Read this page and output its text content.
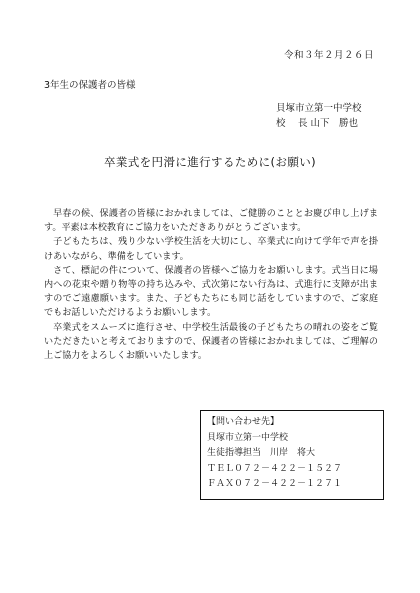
令和３年２月２６日
3年生の保護者の皆様
貝塚市立第一中学校
校　 長 山下　勝也
卒業式を円滑に進行するために(お願い)

早春の候、保護者の皆様におかれましては、ご健勝のこととお慶び申し上げます。平素は本校教育にご協力をいただきありがとうございます。

子どもたちは、残り少ない学校生活を大切にし、卒業式に向けて学年で声を掛けあいながら、準備をしています。

さて、標記の件について、保護者の皆様へご協力をお願いします。式当日に場内への花束や贈り物等の持ち込みや、式次第にない行為は、式進行に支障が出ますのでご遠慮願います。また、子どもたちにも同じ話をしていますので、ご家庭でもお話しいただけるようお願いします。

卒業式をスムーズに進行させ、中学校生活最後の子どもたちの晴れの姿をご覧いただきたいと考えておりますので、保護者の皆様におかれましては、ご理解の上ご協力をよろしくお願いいたします。

【問い合わせ先】
貝塚市立第一中学校
生徒指導担当　川岸　将大
ＴＥＬ０７２－４２２－１５２７
ＦＡＸ０７２－４２２－１２７１
